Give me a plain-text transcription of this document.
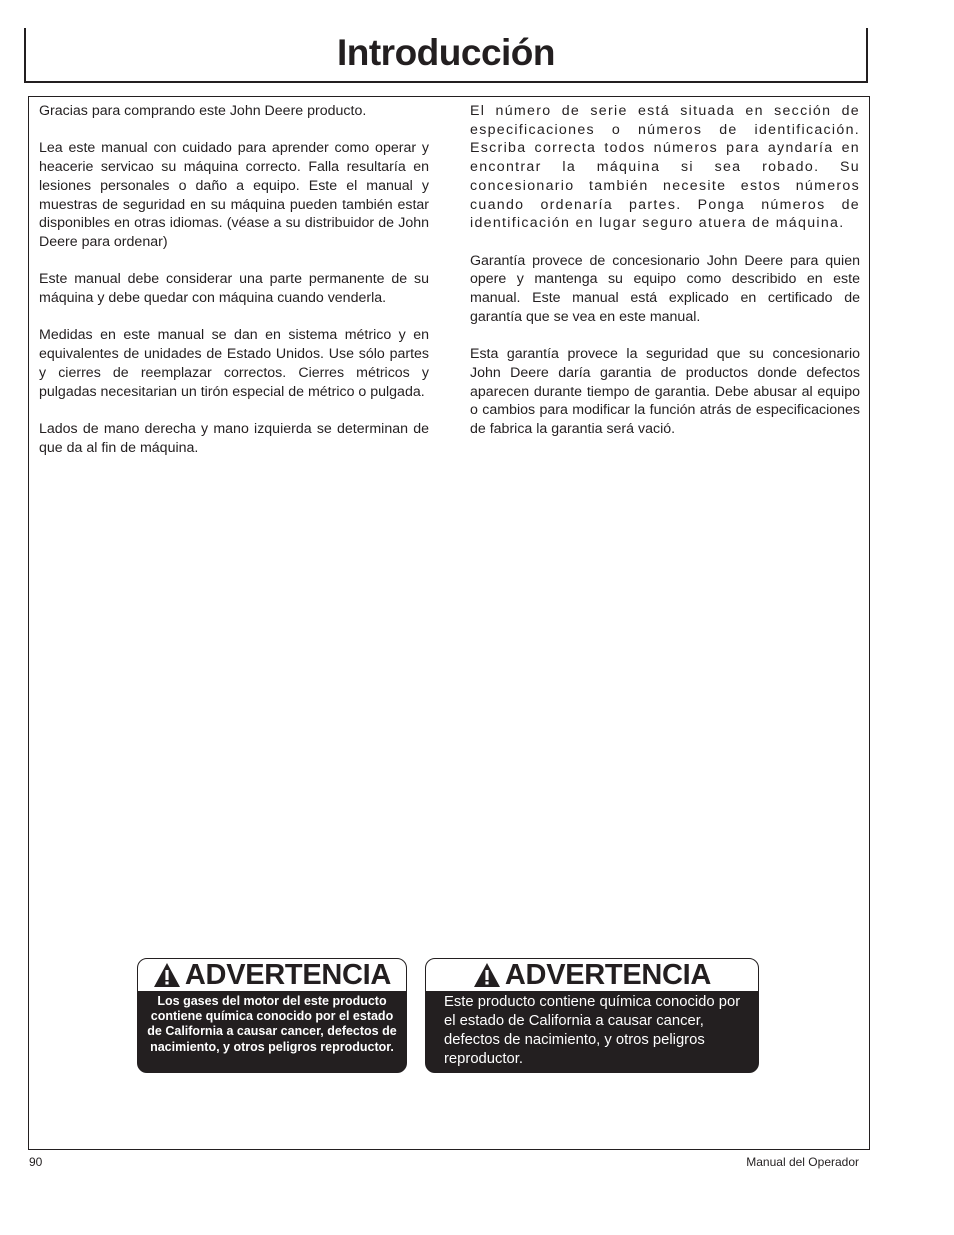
Introducción

Gracias para comprando este John Deere producto.

Lea este manual con cuidado para aprender como operar y heacerie servicao su máquina correcto. Falla resultaría en lesiones personales o daño a equipo. Este el manual y muestras de seguridad en su máquina pueden también estar disponibles en otras idiomas. (véase a su distribuidor de John Deere para ordenar)

Este manual debe considerar una parte permanente de su máquina y debe quedar con máquina cuando venderla.

Medidas en este manual se dan en sistema métrico y en equivalentes de unidades de Estado Unidos. Use sólo partes y cierres de reemplazar correctos. Cierres métricos y pulgadas necesitarian un tirón especial de métrico o pulgada.

Lados de mano derecha y mano izquierda se determinan de que da al fin de máquina.

El número de serie está situada en sección de especificaciones o números de identificación. Escriba correcta todos números para ayndaría en encontrar la máquina si sea robado. Su concesionario también necesite estos números cuando ordenaría partes. Ponga números de identificación en lugar seguro atuera de máquina.

Garantía provece de concesionario John Deere para quien opere y mantenga su equipo como describido en este manual. Este manual está explicado en certificado de garantía que se vea en este manual.

Esta garantía provece la seguridad que su concesionario John Deere daría garantia de productos donde defectos aparecen durante tiempo de garantia. Debe abusar al equipo o cambios para modificar la función atrás de especificaciones de fabrica la garantia será vació.

ADVERTENCIA
Los gases del motor del este producto contiene química conocido por el estado de California a causar cancer, defectos de nacimiento, y otros peligros reproductor.
ADVERTENCIA
Este producto contiene química conocido por el estado de California a causar cancer, defectos de nacimiento, y otros peligros reproductor.
90	Manual del Operador
